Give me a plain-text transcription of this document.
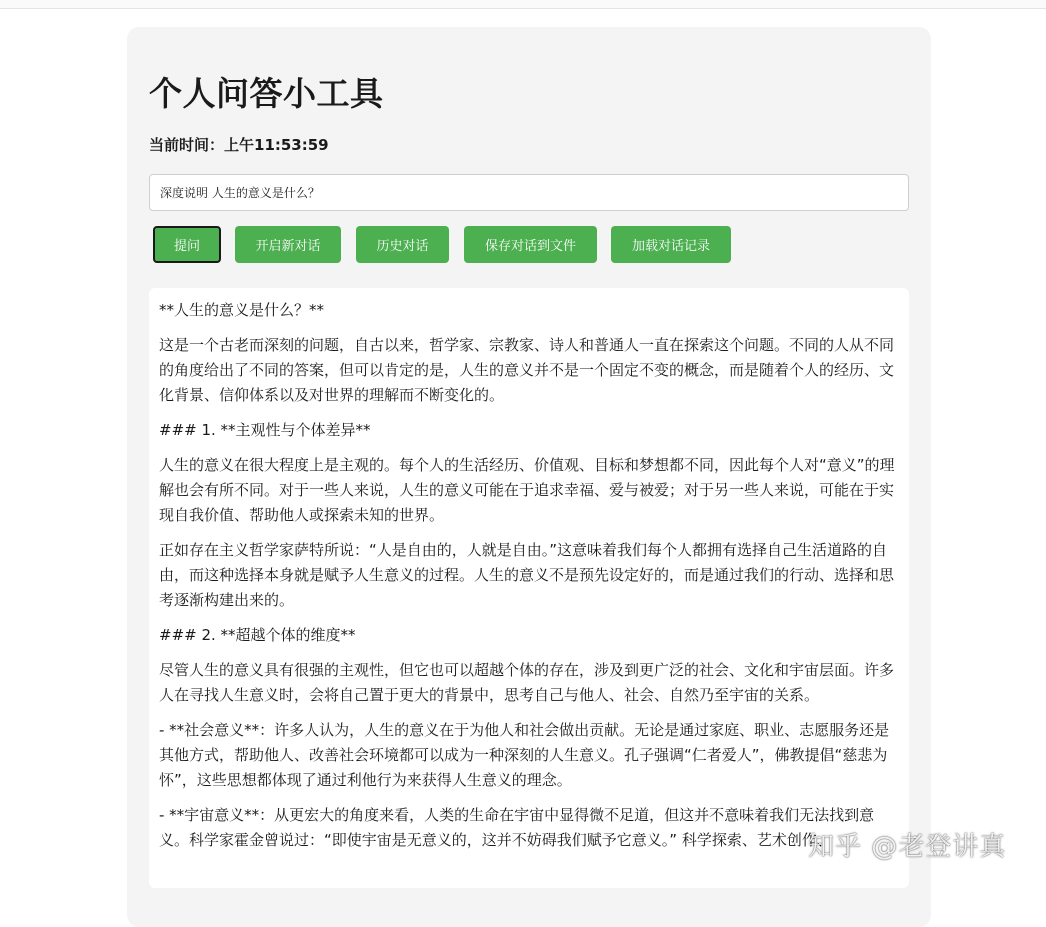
个人问答小工具
当前时间：上午11:53:59
深度说明 人生的意义是什么？
提问	开启新对话	历史对话	保存对话到文件	加载对话记录

**人生的意义是什么？**

这是一个古老而深刻的问题，自古以来，哲学家、宗教家、诗人和普通人一直在探索这个问题。不同的人从不同的角度给出了不同的答案，但可以肯定的是，人生的意义并不是一个固定不变的概念，而是随着个人的经历、文化背景、信仰体系以及对世界的理解而不断变化的。

### 1. **主观性与个体差异**

人生的意义在很大程度上是主观的。每个人的生活经历、价值观、目标和梦想都不同，因此每个人对“意义”的理解也会有所不同。对于一些人来说，人生的意义可能在于追求幸福、爱与被爱；对于另一些人来说，可能在于实现自我价值、帮助他人或探索未知的世界。

正如存在主义哲学家萨特所说：“人是自由的，人就是自由。”这意味着我们每个人都拥有选择自己生活道路的自由，而这种选择本身就是赋予人生意义的过程。人生的意义不是预先设定好的，而是通过我们的行动、选择和思考逐渐构建出来的。

### 2. **超越个体的维度**

尽管人生的意义具有很强的主观性，但它也可以超越个体的存在，涉及到更广泛的社会、文化和宇宙层面。许多人在寻找人生意义时，会将自己置于更大的背景中，思考自己与他人、社会、自然乃至宇宙的关系。

- **社会意义**：许多人认为，人生的意义在于为他人和社会做出贡献。无论是通过家庭、职业、志愿服务还是其他方式，帮助他人、改善社会环境都可以成为一种深刻的人生意义。孔子强调“仁者爱人”，佛教提倡“慈悲为怀”，这些思想都体现了通过利他行为来获得人生意义的理念。

- **宇宙意义**：从更宏大的角度来看，人类的生命在宇宙中显得微不足道，但这并不意味着我们无法找到意义。科学家霍金曾说过：“即使宇宙是无意义的，这并不妨碍我们赋予它意义。” 科学探索、艺术创作、

知乎 @老登讲真
